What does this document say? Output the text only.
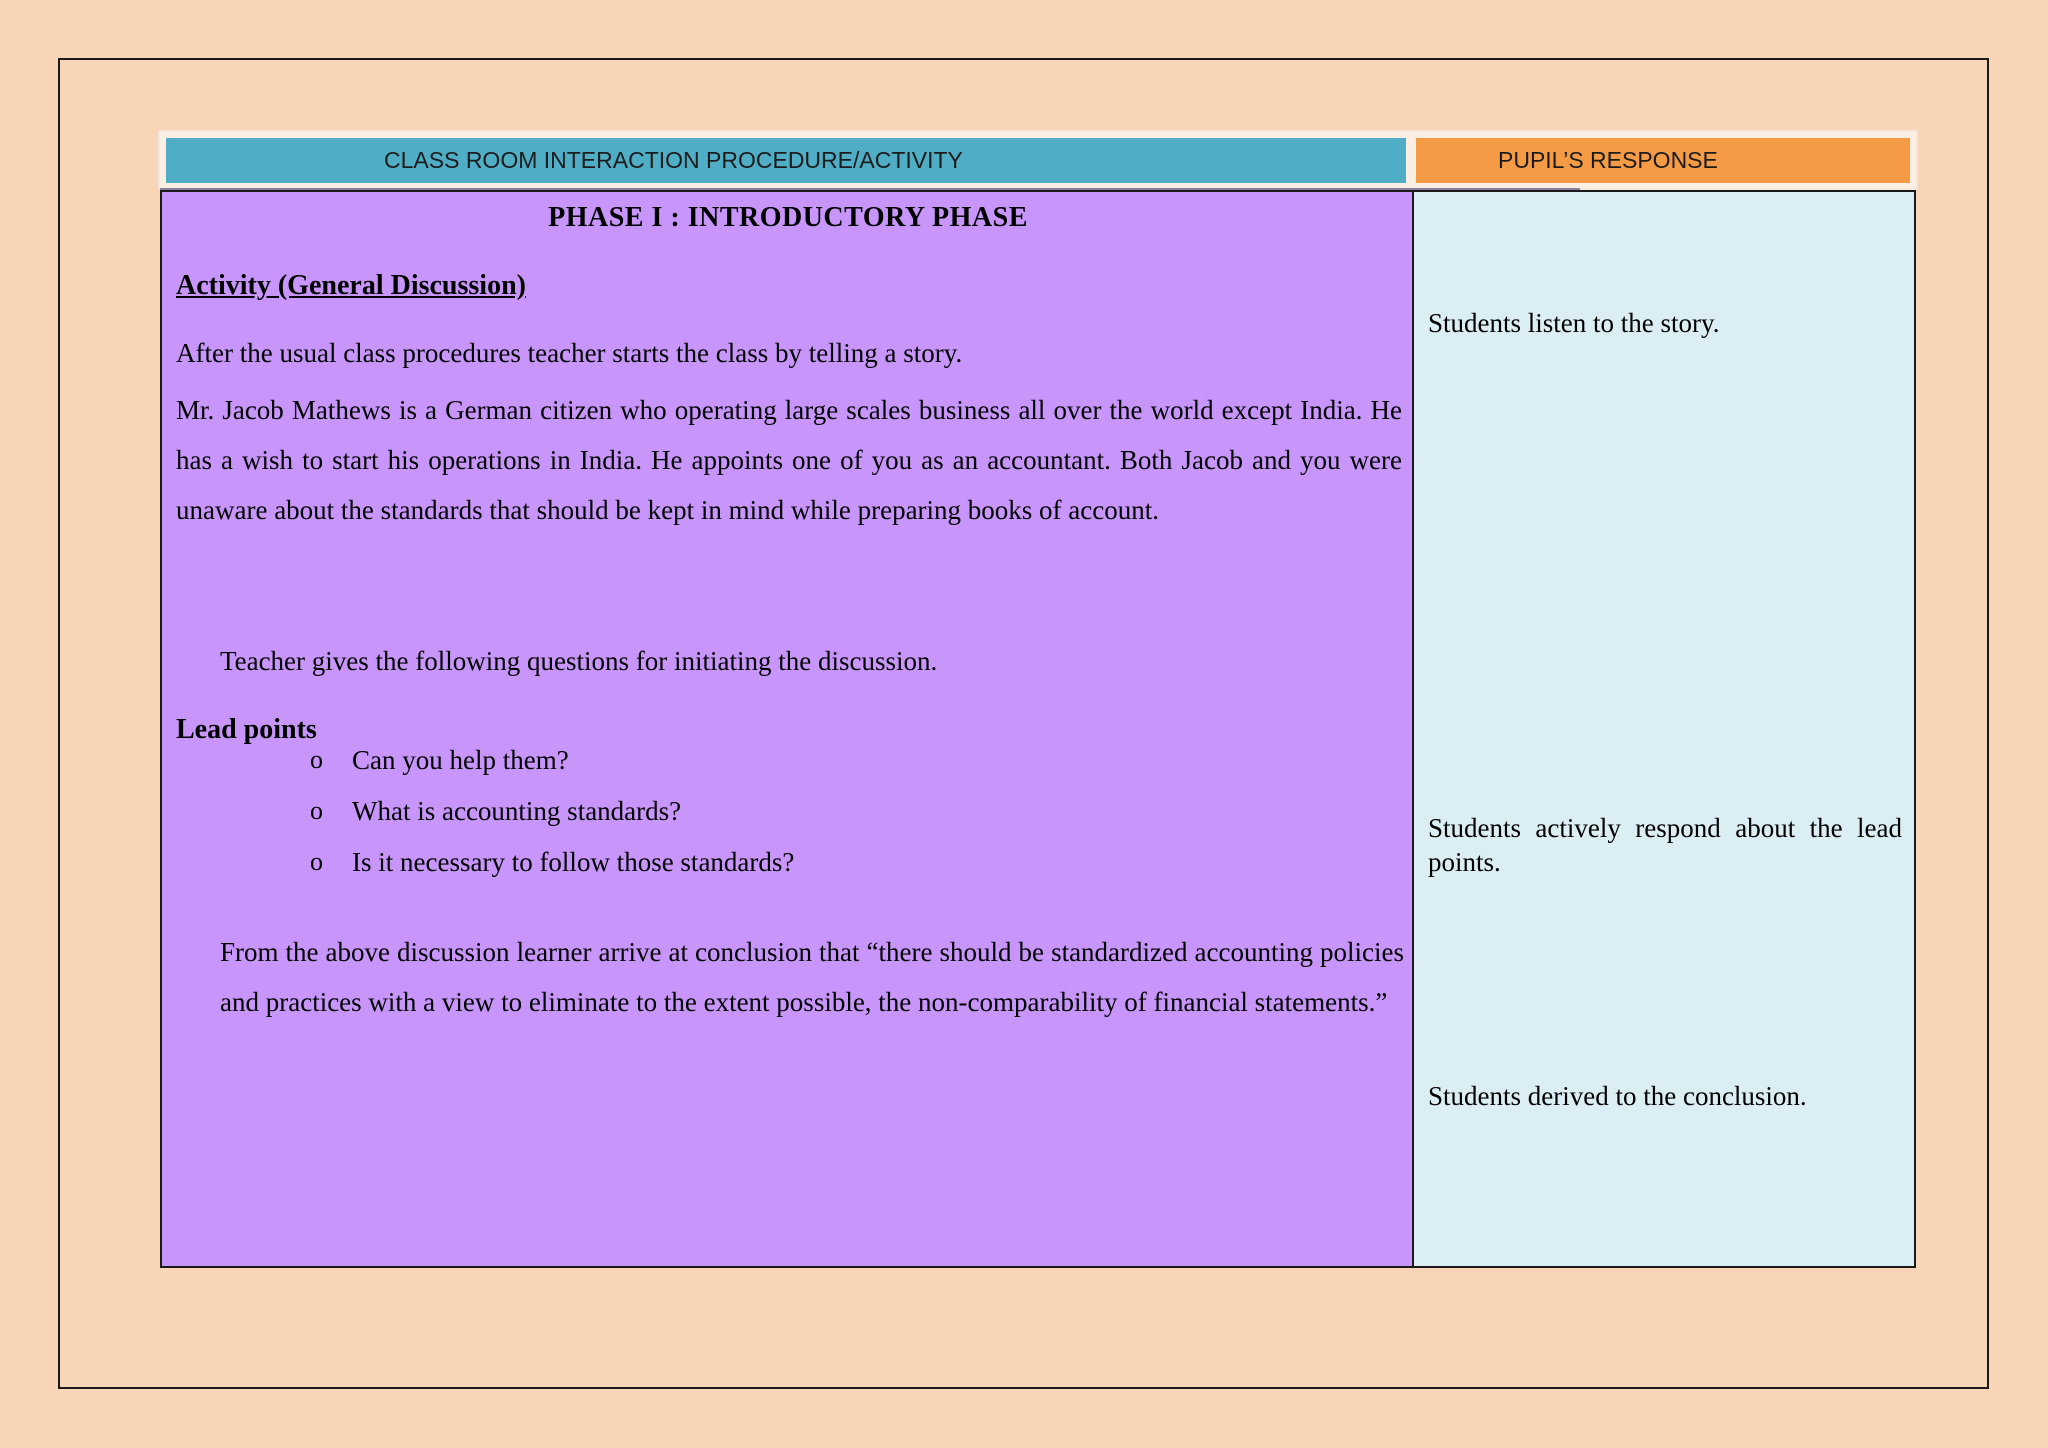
CLASS ROOM INTERACTION PROCEDURE/ACTIVITY	PUPIL’S RESPONSE
PHASE I : INTRODUCTORY PHASE
Activity (General Discussion)
After the usual class procedures teacher starts the class by telling a story.
Mr. Jacob Mathews is a German citizen who operating large scales business all over the world except India. He has a wish to start his operations in India. He appoints one of you as an accountant. Both Jacob and you were unaware about the standards that should be kept in mind while preparing books of account.
Teacher gives the following questions for initiating the discussion.
Lead points
o	Can you help them?
o	What is accounting standards?
o	Is it necessary to follow those standards?
From the above discussion learner arrive at conclusion that “there should be standardized accounting policies and practices with a view to eliminate to the extent possible, the non-comparability of financial statements.”
Students listen to the story.
Students actively respond about the lead points.
Students derived to the conclusion.
